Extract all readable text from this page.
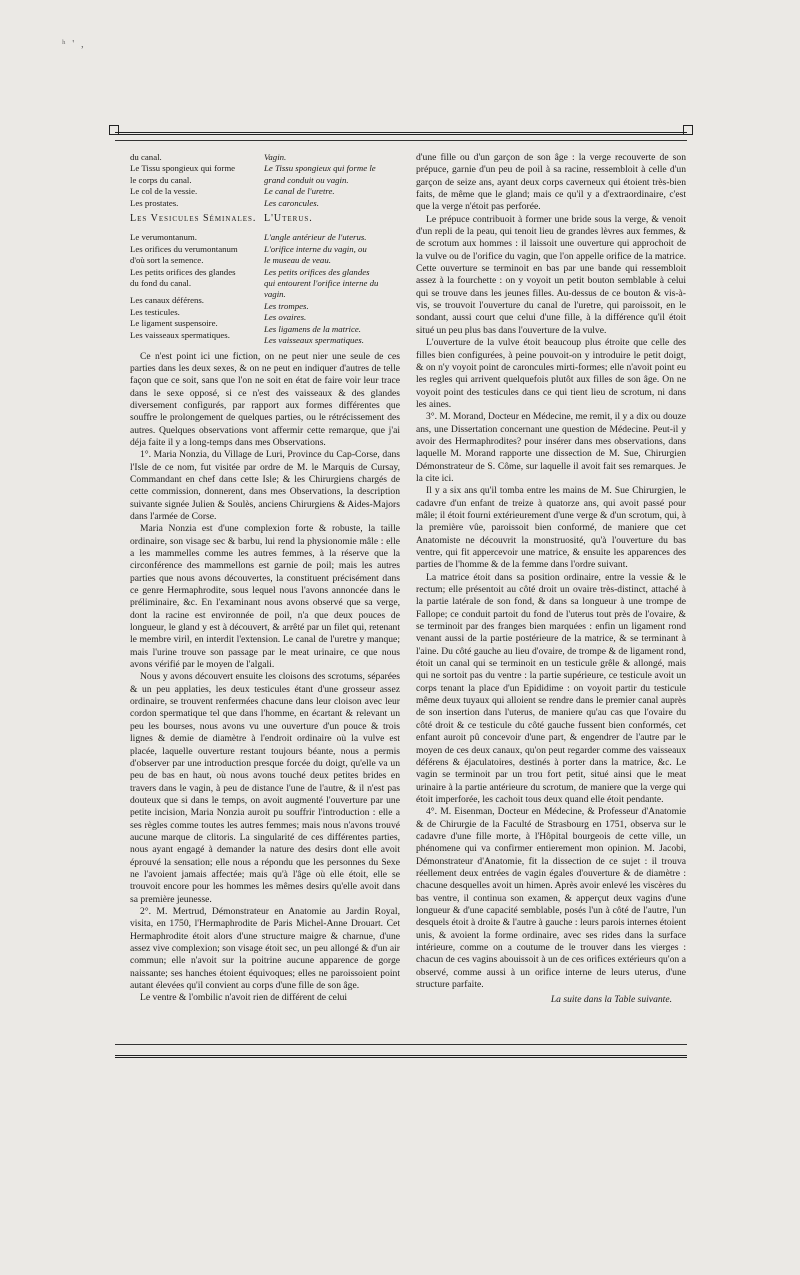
ʰ ' ,
du canal.
Le Tissu spongieux qui forme
le corps du canal.
Le col de la vessie.
Les prostates.
Vagin.
Le Tissu spongieux qui forme le
grand conduit ou vagin.
Le canal de l'uretre.
Les caroncules.
Les Vesicules Séminales. L'Uterus.
Le verumontanum.
Les orifices du verumontanum
d'où sort la semence.
Les petits orifices des glandes
du fond du canal.
Les canaux déférens.
Les testicules.
Le ligament suspensoire.
Les vaisseaux spermatiques.
L'angle antérieur de l'uterus.
L'orifice interne du vagin, ou
le museau de veau.
Les petits orifices des glandes
qui entourent l'orifice interne du
vagin.
Les trompes.
Les ovaires.
Les ligamens de la matrice.
Les vaisseaux spermatiques.

Ce n'est point ici une fiction, on ne peut nier une seule de ces parties dans les deux sexes, & on ne peut en indiquer d'autres de telle façon que ce soit, sans que l'on ne soit en état de faire voir leur trace dans le sexe opposé, si ce n'est des vaisseaux & des glandes diversement configurés, par rapport aux formes différentes que souffre le prolongement de quelques parties, ou le rétrécissement des autres. Quelques observations vont affermir cette remarque, que j'ai déja faite il y a long-temps dans mes Observations.

1°. Maria Nonzia, du Village de Luri, Province du Cap-Corse, dans l'Isle de ce nom, fut visitée par ordre de M. le Marquis de Cursay, Commandant en chef dans cette Isle; & les Chirurgiens chargés de cette commission, donnerent, dans mes Observations, la description suivante signée Julien & Soulès, anciens Chirurgiens & Aides-Majors dans l'armée de Corse.

Maria Nonzia est d'une complexion forte & robuste, la taille ordinaire, son visage sec & barbu, lui rend la physionomie mâle : elle a les mammelles comme les autres femmes, à la réserve que la circonférence des mammellons est garnie de poil; mais les autres parties que nous avons découvertes, la constituent précisément dans ce genre Hermaphrodite, sous lequel nous l'avons annoncée dans le préliminaire, &c. En l'examinant nous avons observé que sa verge, dont la racine est environnée de poil, n'a que deux pouces de longueur, le gland y est à découvert, & arrêté par un filet qui, retenant le membre viril, en interdit l'extension. Le canal de l'uretre y manque; mais l'urine trouve son passage par le meat urinaire, ce que nous avons vérifié par le moyen de l'algali.

Nous y avons découvert ensuite les cloisons des scrotums, séparées & un peu applaties, les deux testicules étant d'une grosseur assez ordinaire, se trouvent renfermées chacune dans leur cloison avec leur cordon spermatique tel que dans l'homme, en écartant & relevant un peu les bourses, nous avons vu une ouverture d'un pouce & trois lignes & demie de diamètre à l'endroit ordinaire où la vulve est placée, laquelle ouverture restant toujours béante, nous a permis d'observer par une introduction presque forcée du doigt, qu'elle va un peu de bas en haut, où nous avons touché deux petites brides en travers dans le vagin, à peu de distance l'une de l'autre, & il n'est pas douteux que si dans le temps, on avoit augmenté l'ouverture par une petite incision, Maria Nonzia auroit pu souffrir l'introduction : elle a ses règles comme toutes les autres femmes; mais nous n'avons trouvé aucune marque de clitoris. La singularité de ces différentes parties, nous ayant engagé à demander la nature des desirs dont elle avoit éprouvé la sensation; elle nous a répondu que les personnes du Sexe ne l'avoient jamais affectée; mais qu'à l'âge où elle étoit, elle se trouvoit encore pour les hommes les mêmes desirs qu'elle avoit dans sa première jeunesse.

2°. M. Mertrud, Démonstrateur en Anatomie au Jardin Royal, visita, en 1750, l'Hermaphrodite de Paris Michel-Anne Drouart. Cet Hermaphrodite étoit alors d'une structure maigre & charnue, d'une assez vive complexion; son visage étoit sec, un peu allongé & d'un air commun; elle n'avoit sur la poitrine aucune apparence de gorge naissante; ses hanches étoient équivoques; elles ne paroissoient point autant élevées qu'il convient au corps d'une fille de son âge.

Le ventre & l'ombilic n'avoit rien de différent de celui

d'une fille ou d'un garçon de son âge : la verge recouverte de son prépuce, garnie d'un peu de poil à sa racine, ressembloit à celle d'un garçon de seize ans, ayant deux corps caverneux qui étoient très-bien faits, de même que le gland; mais ce qu'il y a d'extraordinaire, c'est que la verge n'étoit pas perforée.

Le prépuce contribuoit à former une bride sous la verge, & venoit d'un repli de la peau, qui tenoit lieu de grandes lèvres aux femmes, & de scrotum aux hommes : il laissoit une ouverture qui approchoit de la vulve ou de l'orifice du vagin, que l'on appelle orifice de la matrice. Cette ouverture se terminoit en bas par une bande qui ressembloit assez à la fourchette : on y voyoit un petit bouton semblable à celui qui se trouve dans les jeunes filles. Au-dessus de ce bouton & vis-à-vis, se trouvoit l'ouverture du canal de l'uretre, qui paroissoit, en le sondant, aussi court que celui d'une fille, à la différence qu'il étoit situé un peu plus bas dans l'ouverture de la vulve.

L'ouverture de la vulve étoit beaucoup plus étroite que celle des filles bien configurées, à peine pouvoit-on y introduire le petit doigt, & on n'y voyoit point de caroncules mirti-formes; elle n'avoit point eu les regles qui arrivent quelquefois plutôt aux filles de son âge. On ne voyoit point des testicules dans ce qui tient lieu de scrotum, ni dans les aines.

3°. M. Morand, Docteur en Médecine, me remit, il y a dix ou douze ans, une Dissertation concernant une question de Médecine. Peut-il y avoir des Hermaphrodites? pour insérer dans mes observations, dans laquelle M. Morand rapporte une dissection de M. Sue, Chirurgien Démonstrateur de S. Côme, sur laquelle il avoit fait ses remarques. Je la cite ici.

Il y a six ans qu'il tomba entre les mains de M. Sue Chirurgien, le cadavre d'un enfant de treize à quatorze ans, qui avoit passé pour mâle; il étoit fourni extérieurement d'une verge & d'un scrotum, qui, à la première vûe, paroissoit bien conformé, de maniere que cet Anatomiste ne découvrit la monstruosité, qu'à l'ouverture du bas ventre, qui fit appercevoir une matrice, & ensuite les apparences des parties de l'homme & de la femme dans l'ordre suivant.

La matrice étoit dans sa position ordinaire, entre la vessie & le rectum; elle présentoit au côté droit un ovaire très-distinct, attaché à la partie latérale de son fond, & dans sa longueur à une trompe de Fallope; ce conduit partoit du fond de l'uterus tout près de l'ovaire, & se terminoit par des franges bien marquées : enfin un ligament rond venant aussi de la partie postérieure de la matrice, & se terminant à l'aine. Du côté gauche au lieu d'ovaire, de trompe & de ligament rond, étoit un canal qui se terminoit en un testicule grêle & allongé, mais qui ne sortoit pas du ventre : la partie supérieure, ce testicule avoit un corps tenant la place d'un Epididime : on voyoit partir du testicule même deux tuyaux qui alloient se rendre dans le premier canal auprès de son insertion dans l'uterus, de maniere qu'au cas que l'ovaire du côté droit & ce testicule du côté gauche fussent bien conformés, cet enfant auroit pû concevoir d'une part, & engendrer de l'autre par le moyen de ces deux canaux, qu'on peut regarder comme des vaisseaux déférens & éjaculatoires, destinés à porter dans la matrice, &c. Le vagin se terminoit par un trou fort petit, situé ainsi que le meat urinaire à la partie antérieure du scrotum, de maniere que la verge qui étoit imperforée, les cachoit tous deux quand elle étoit pendante.

4°. M. Eisenman, Docteur en Médecine, & Professeur d'Anatomie & de Chirurgie de la Faculté de Strasbourg en 1751, observa sur le cadavre d'une fille morte, à l'Hôpital bourgeois de cette ville, un phénomene qui va confirmer entierement mon opinion. M. Jacobi, Démonstrateur d'Anatomie, fit la dissection de ce sujet : il trouva réellement deux entrées de vagin égales d'ouverture & de diamètre : chacune desquelles avoit un himen. Après avoir enlevé les viscères du bas ventre, il continua son examen, & apperçut deux vagins d'une longueur & d'une capacité semblable, posés l'un à côté de l'autre, l'un desquels étoit à droite & l'autre à gauche : leurs parois internes étoient unis, & avoient la forme ordinaire, avec ses rides dans la surface intérieure, comme on a coutume de le trouver dans les vierges : chacun de ces vagins abouissoit à un de ces orifices extérieurs qu'on a observé, comme aussi à un orifice interne de leurs uterus, d'une structure parfaite.

La suite dans la Table suivante.
